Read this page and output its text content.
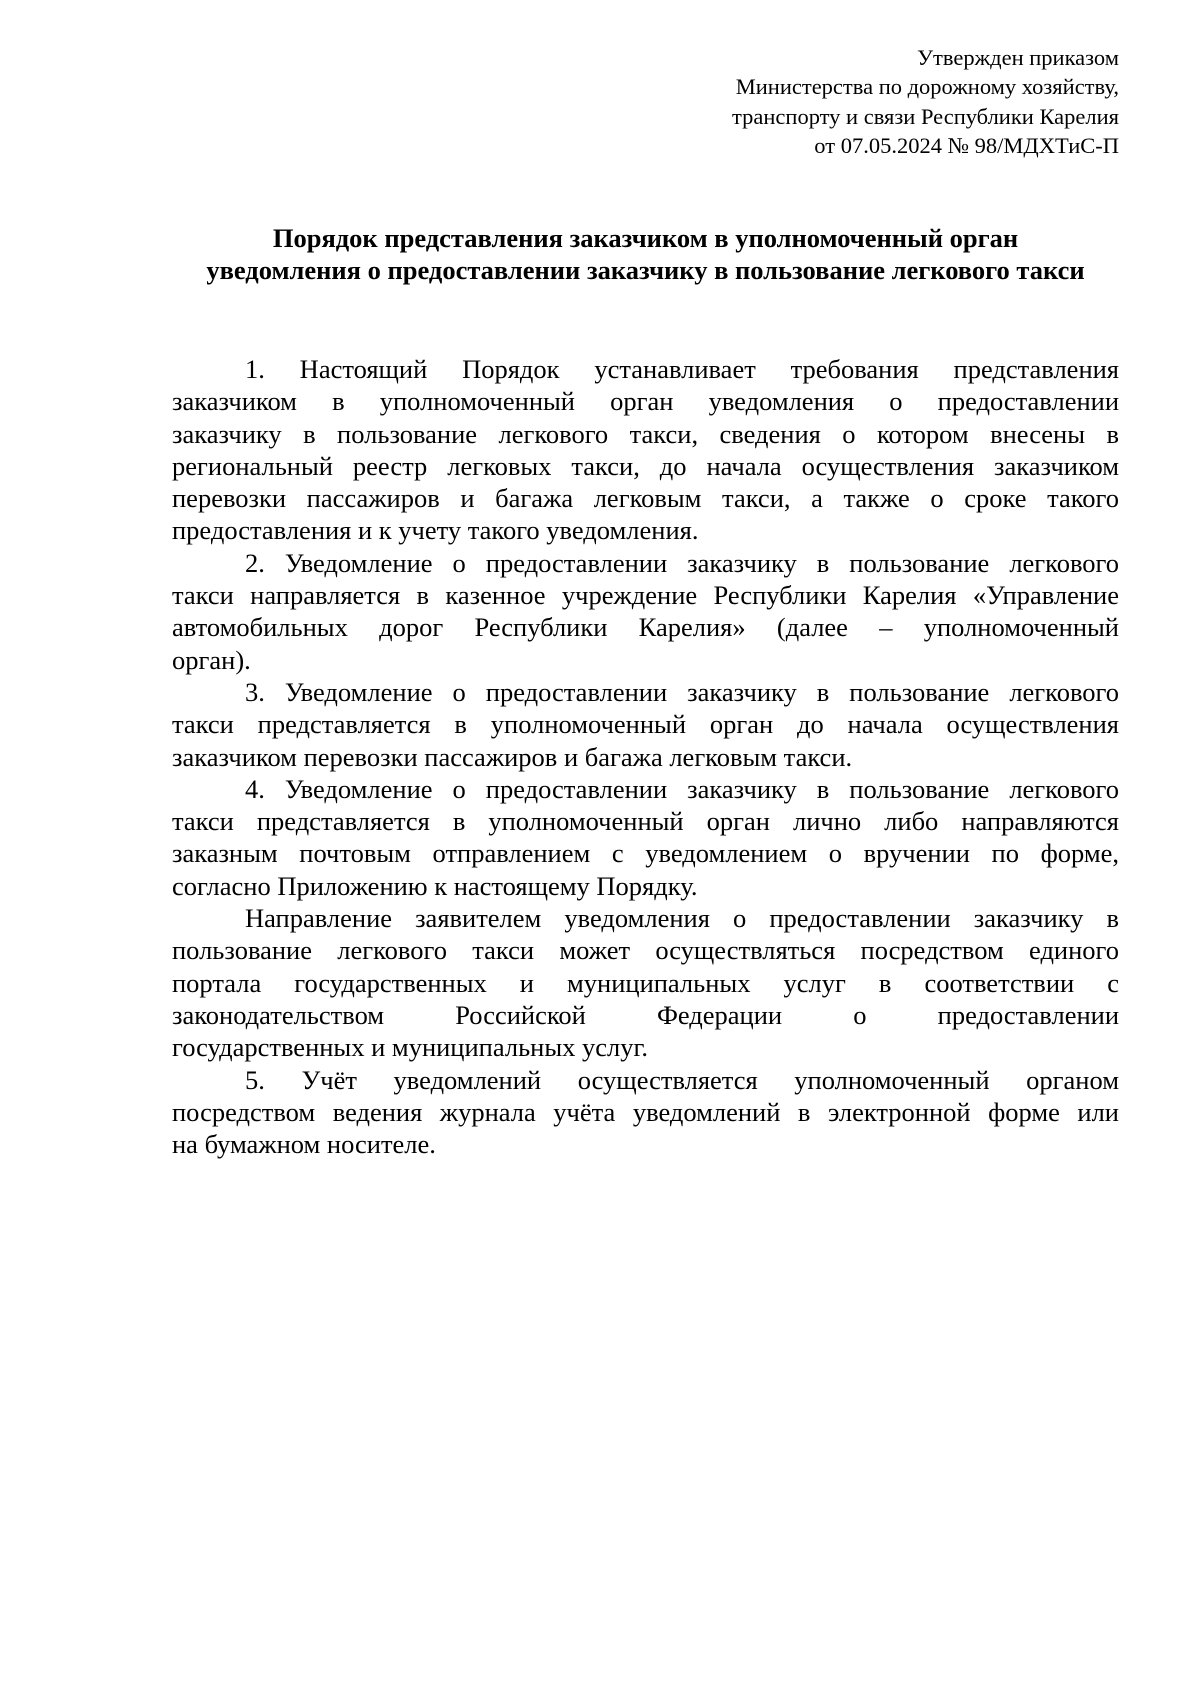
Утвержден приказом
Министерства по дорожному хозяйству,
транспорту и связи Республики Карелия
от 07.05.2024 № 98/МДХТиС-П
Порядок представления заказчиком в уполномоченный орган
уведомления о предоставлении заказчику в пользование легкового такси
1. Настоящий Порядок устанавливает требования представления
заказчиком в уполномоченный орган уведомления о предоставлении
заказчику в пользование легкового такси, сведения о котором внесены в
региональный реестр легковых такси, до начала осуществления заказчиком
перевозки пассажиров и багажа легковым такси, а также о сроке такого
предоставления и к учету такого уведомления.
2. Уведомление о предоставлении заказчику в пользование легкового
такси направляется в казенное учреждение Республики Карелия «Управление
автомобильных дорог Республики Карелия» (далее – уполномоченный
орган).
3. Уведомление о предоставлении заказчику в пользование легкового
такси представляется в уполномоченный орган до начала осуществления
заказчиком перевозки пассажиров и багажа легковым такси.
4. Уведомление о предоставлении заказчику в пользование легкового
такси представляется в уполномоченный орган лично либо направляются
заказным почтовым отправлением с уведомлением о вручении по форме,
согласно Приложению к настоящему Порядку.
Направление заявителем уведомления о предоставлении заказчику в
пользование легкового такси может осуществляться посредством единого
портала государственных и муниципальных услуг в соответствии с
законодательством Российской Федерации о предоставлении
государственных и муниципальных услуг.
5. Учёт уведомлений осуществляется уполномоченный органом
посредством ведения журнала учёта уведомлений в электронной форме или
на бумажном носителе.
